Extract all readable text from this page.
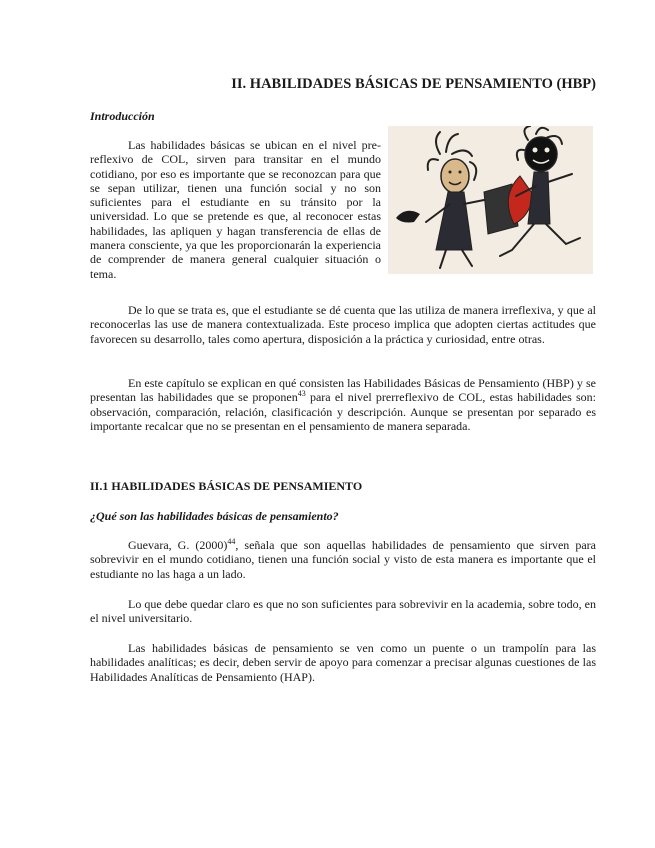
II. HABILIDADES BÁSICAS DE PENSAMIENTO (HBP)
Introducción

Las habilidades básicas se ubican en el nivel pre-reflexivo de COL, sirven para transitar en el mundo cotidiano, por eso es importante que se reconozcan para que se sepan utilizar, tienen una función social y no son suficientes para el estudiante en su tránsito por la universidad. Lo que se pretende es que, al reconocer estas habilidades, las apliquen y hagan transferencia de ellas de manera consciente, ya que les proporcionarán la experiencia de comprender de manera general cualquier situación o tema.

De lo que se trata es, que el estudiante se dé cuenta que las utiliza de manera irreflexiva, y que al reconocerlas las use de manera contextualizada. Este proceso implica que adopten ciertas actitudes que favorecen su desarrollo, tales como apertura, disposición a la práctica y curiosidad, entre otras.

En este capítulo se explican en qué consisten las Habilidades Básicas de Pensamiento (HBP) y se presentan las habilidades que se proponen$^{43}$ para el nivel prerreflexivo de COL, estas habilidades son: observación, comparación, relación, clasificación y descripción. Aunque se presentan por separado es importante recalcar que no se presentan en el pensamiento de manera separada.

II.1 HABILIDADES BÁSICAS DE PENSAMIENTO
¿Qué son las habilidades básicas de pensamiento?

Guevara, G. $(2000)^{44}$, señala que son aquellas habilidades de pensamiento que sirven para sobrevivir en el mundo cotidiano, tienen una función social y visto de esta manera es importante que el estudiante no las haga a un lado.

Lo que debe quedar claro es que no son suficientes para sobrevivir en la academia, sobre todo, en el nivel universitario.

Las habilidades básicas de pensamiento se ven como un puente o un trampolín para las habilidades analíticas; es decir, deben servir de apoyo para comenzar a precisar algunas cuestiones de las Habilidades Analíticas de Pensamiento (HAP).
